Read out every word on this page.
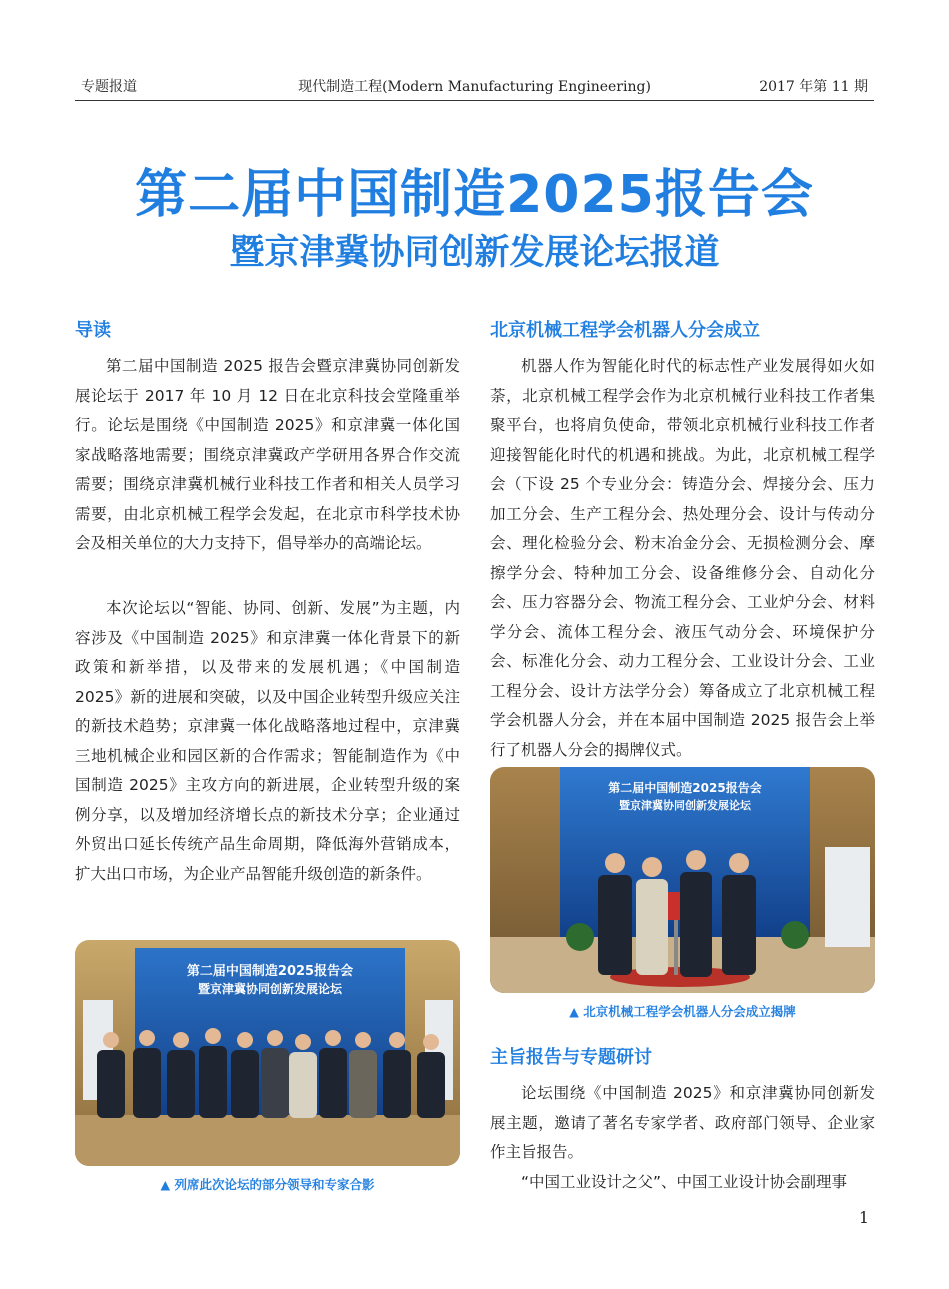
专题报道	现代制造工程(Modern Manufacturing Engineering)	2017 年第 11 期
第二届中国制造2025报告会
暨京津冀协同创新发展论坛报道
导读
第二届中国制造 2025 报告会暨京津冀协同创新发展论坛于 2017 年 10 月 12 日在北京科技会堂隆重举行。论坛是围绕《中国制造 2025》和京津冀一体化国家战略落地需要；围绕京津冀政产学研用各界合作交流需要；围绕京津冀机械行业科技工作者和相关人员学习需要，由北京机械工程学会发起，在北京市科学技术协会及相关单位的大力支持下，倡导举办的高端论坛。
本次论坛以“智能、协同、创新、发展”为主题，内容涉及《中国制造 2025》和京津冀一体化背景下的新政策和新举措，以及带来的发展机遇；《中国制造 2025》新的进展和突破，以及中国企业转型升级应关注的新技术趋势；京津冀一体化战略落地过程中，京津冀三地机械企业和园区新的合作需求；智能制造作为《中国制造 2025》主攻方向的新进展，企业转型升级的案例分享，以及增加经济增长点的新技术分享；企业通过外贸出口延长传统产品生命周期，降低海外营销成本，扩大出口市场，为企业产品智能升级创造的新条件。
第二届中国制造2025报告会
暨京津冀协同创新发展论坛
▲ 列席此次论坛的部分领导和专家合影
北京机械工程学会机器人分会成立
机器人作为智能化时代的标志性产业发展得如火如荼，北京机械工程学会作为北京机械行业科技工作者集聚平台，也将肩负使命，带领北京机械行业科技工作者迎接智能化时代的机遇和挑战。为此，北京机械工程学会（下设 25 个专业分会：铸造分会、焊接分会、压力加工分会、生产工程分会、热处理分会、设计与传动分会、理化检验分会、粉末冶金分会、无损检测分会、摩擦学分会、特种加工分会、设备维修分会、自动化分会、压力容器分会、物流工程分会、工业炉分会、材料学分会、流体工程分会、液压气动分会、环境保护分会、标准化分会、动力工程分会、工业设计分会、工业工程分会、设计方法学分会）筹备成立了北京机械工程学会机器人分会，并在本届中国制造 2025 报告会上举行了机器人分会的揭牌仪式。
第二届中国制造2025报告会
暨京津冀协同创新发展论坛
▲ 北京机械工程学会机器人分会成立揭牌
主旨报告与专题研讨
论坛围绕《中国制造 2025》和京津冀协同创新发展主题，邀请了著名专家学者、政府部门领导、企业家作主旨报告。
“中国工业设计之父”、中国工业设计协会副理事
1
